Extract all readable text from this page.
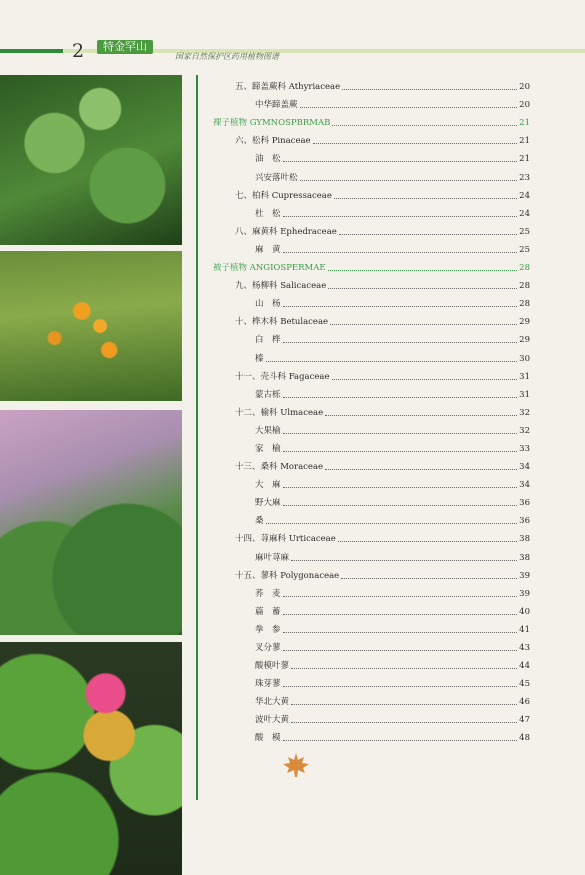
2	特金罕山
国家自然保护区药用植物图谱
五、蹄盖蕨科 Athyriaceae	20
中华蹄盖蕨	20
裸子植物 GYMNOSPBRMAB	21
六、松科 Pinaceae	21
油　松	21
兴安落叶松	23
七、柏科 Cupressaceae	24
杜　松	24
八、麻黄科 Ephedraceae	25
麻　黄	25
被子植物 ANGIOSPERMAE	28
九、杨柳科 Salicaceae	28
山　杨	28
十、桦木科 Betulaceae	29
白　桦	29
榛	30
十一、壳斗科 Fagaceae	31
蒙古栎	31
十二、榆科 Ulmaceae	32
大果榆	32
家　榆	33
十三、桑科 Moraceae	34
大　麻	34
野大麻	36
桑	36
十四、荨麻科 Urticaceae	38
麻叶荨麻	38
十五、蓼科 Polygonaceae	39
荞　麦	39
萹　蓄	40
拳　参	41
叉分蓼	43
酸模叶蓼	44
珠芽蓼	45
华北大黄	46
波叶大黄	47
酸　模	48
